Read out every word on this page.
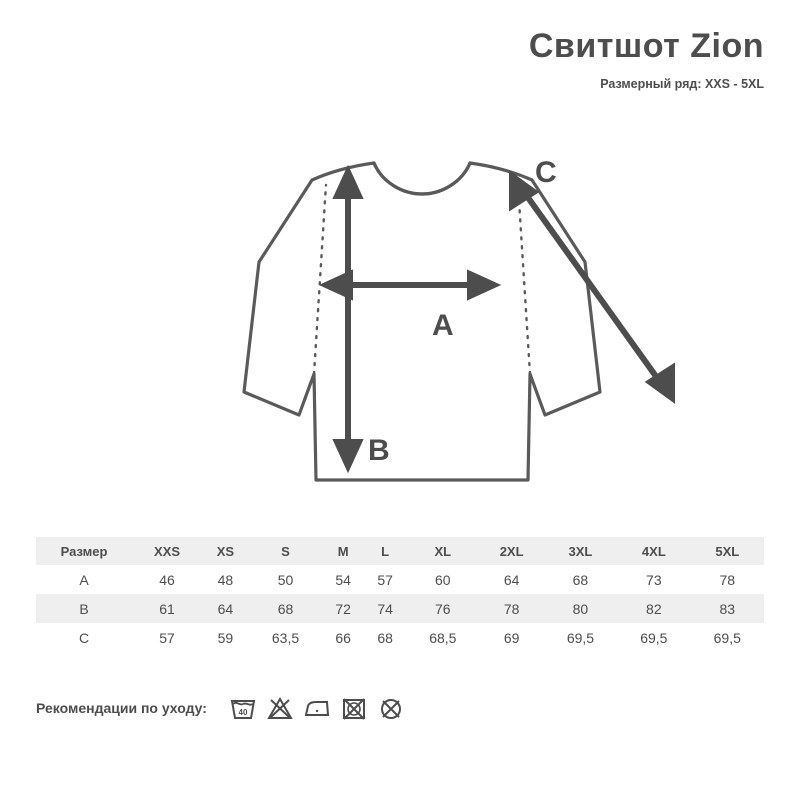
Свитшот Zion
Размерный ряд: XXS - 5XL
A
B
C
Размер	XXS	XS	S	M	L	XL	2XL	3XL	4XL	5XL
A	46	48	50	54	57	60	64	68	73	78
B	61	64	68	72	74	76	78	80	82	83
C	57	59	63,5	66	68	68,5	69	69,5	69,5	69,5
Рекомендации по уходу:	40
